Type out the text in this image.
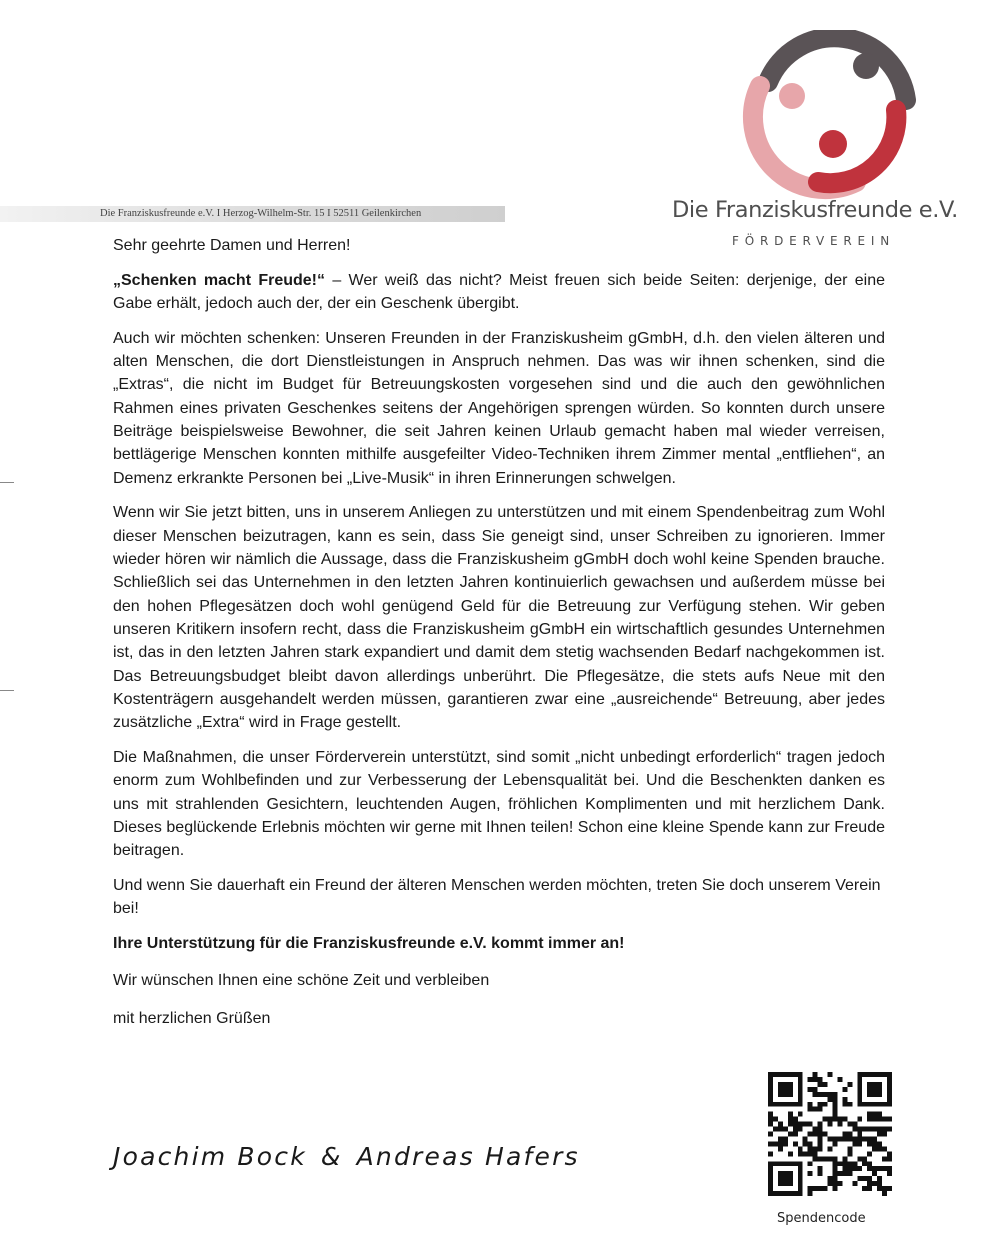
Die Franziskusfreunde e.V. I Herzog-Wilhelm-Str. 15 I 52511 Geilenkirchen	Die Franziskusfreunde e.V.
FÖRDERVEREIN

Sehr geehrte Damen und Herren!

„Schenken macht Freude!“ – Wer weiß das nicht? Meist freuen sich beide Seiten: derjenige, der eine Gabe erhält, jedoch auch der, der ein Geschenk übergibt.

Auch wir möchten schenken: Unseren Freunden in der Franziskusheim gGmbH, d.h. den vielen älteren und alten Menschen, die dort Dienstleistungen in Anspruch nehmen. Das was wir ihnen schenken, sind die „Extras“, die nicht im Budget für Betreuungskosten vorgesehen sind und die auch den gewöhnlichen Rahmen eines privaten Geschenkes seitens der Angehörigen sprengen würden. So konnten durch unsere Beiträge beispielsweise Bewohner, die seit Jahren keinen Urlaub gemacht haben mal wieder verreisen, bettlägerige Menschen konnten mithilfe ausgefeilter Video-Techniken ihrem Zimmer mental „entfliehen“, an Demenz erkrankte Personen bei „Live-Musik“ in ihren Erinnerungen schwelgen.

Wenn wir Sie jetzt bitten, uns in unserem Anliegen zu unterstützen und mit einem Spendenbeitrag zum Wohl dieser Menschen beizutragen, kann es sein, dass Sie geneigt sind, unser Schreiben zu ignorieren. Immer wieder hören wir nämlich die Aussage, dass die Franziskusheim gGmbH doch wohl keine Spenden brauche. Schließlich sei das Unternehmen in den letzten Jahren kontinuierlich gewachsen und außerdem müsse bei den hohen Pflegesätzen doch wohl genügend Geld für die Betreuung zur Verfügung stehen. Wir geben unseren Kritikern insofern recht, dass die Franziskusheim gGmbH ein wirtschaftlich gesundes Unternehmen ist, das in den letzten Jahren stark expandiert und damit dem stetig wachsenden Bedarf nachgekommen ist. Das Betreuungsbudget bleibt davon allerdings unberührt. Die Pflegesätze, die stets aufs Neue mit den Kostenträgern ausgehandelt werden müssen, garantieren zwar eine „ausreichende“ Betreuung, aber jedes zusätzliche „Extra“ wird in Frage gestellt.

Die Maßnahmen, die unser Förderverein unterstützt, sind somit „nicht unbedingt erforderlich“ tragen jedoch enorm zum Wohlbefinden und zur Verbesserung der Lebensqualität bei. Und die Beschenkten danken es uns mit strahlenden Gesichtern, leuchtenden Augen, fröhlichen Komplimenten und mit herzlichem Dank. Dieses beglückende Erlebnis möchten wir gerne mit Ihnen teilen! Schon eine kleine Spende kann zur Freude beitragen.

Und wenn Sie dauerhaft ein Freund der älteren Menschen werden möchten, treten Sie doch unserem Verein bei!

Ihre Unterstützung für die Franziskusfreunde e.V. kommt immer an!

Wir wünschen Ihnen eine schöne Zeit und verbleiben

mit herzlichen Grüßen

Joachim Bock & Andreas Hafers
Spendencode
